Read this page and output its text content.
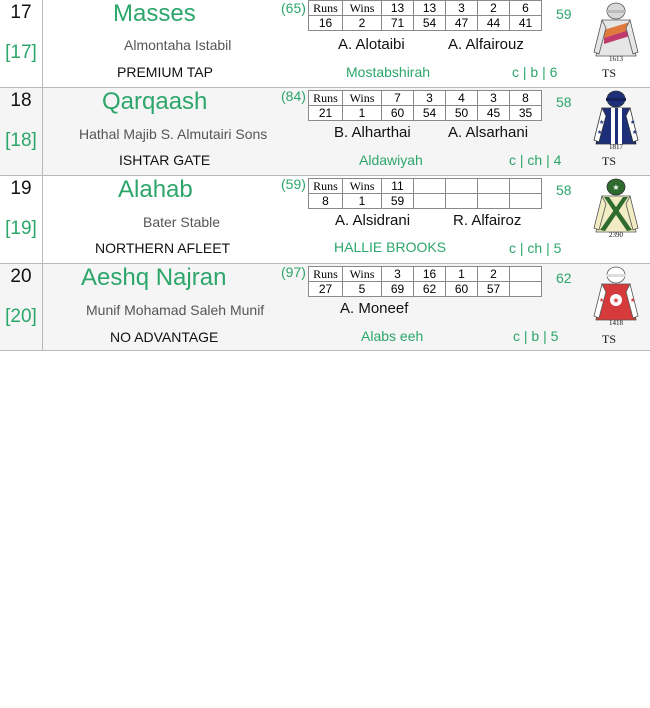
17
[17]
Masses	(65) Runs	Wins	13	13	3	2	6
16	2	71	54	47	44	41
59
1613
Almontaha Istabil	A. Alotaibi	A. Alfairouz
TS
PREMIUM TAP	Mostabshirah	c | b | 6
18
[18]
Qarqaash	(84) Runs	Wins	7	3	4	3	8
21	1	60	54	50	45	35
58
★
★
★
★
1817
Hathal Majib S. Almutairi Sons	B. Alharthai A. Alsarhani
TS
ISHTAR GATE	Aldawiyah	c | ch | 4
19
[19]
Alahab	(59) Runs	Wins	11				
8	1	59				
58	★
2390
Bater Stable	A. Alsidrani	R. Alfairoz
NORTHERN AFLEET	HALLIE BROOKS	c | ch | 5
20
[20]
Aeshq Najran	(97) Runs	Wins	3	16	1	2	
27	5	69	62	60	57	
62
★
★	★
1418
Munif Mohamad Saleh Munif	A. Moneef
TS
NO ADVANTAGE	Alabs eeh	c | b | 5
